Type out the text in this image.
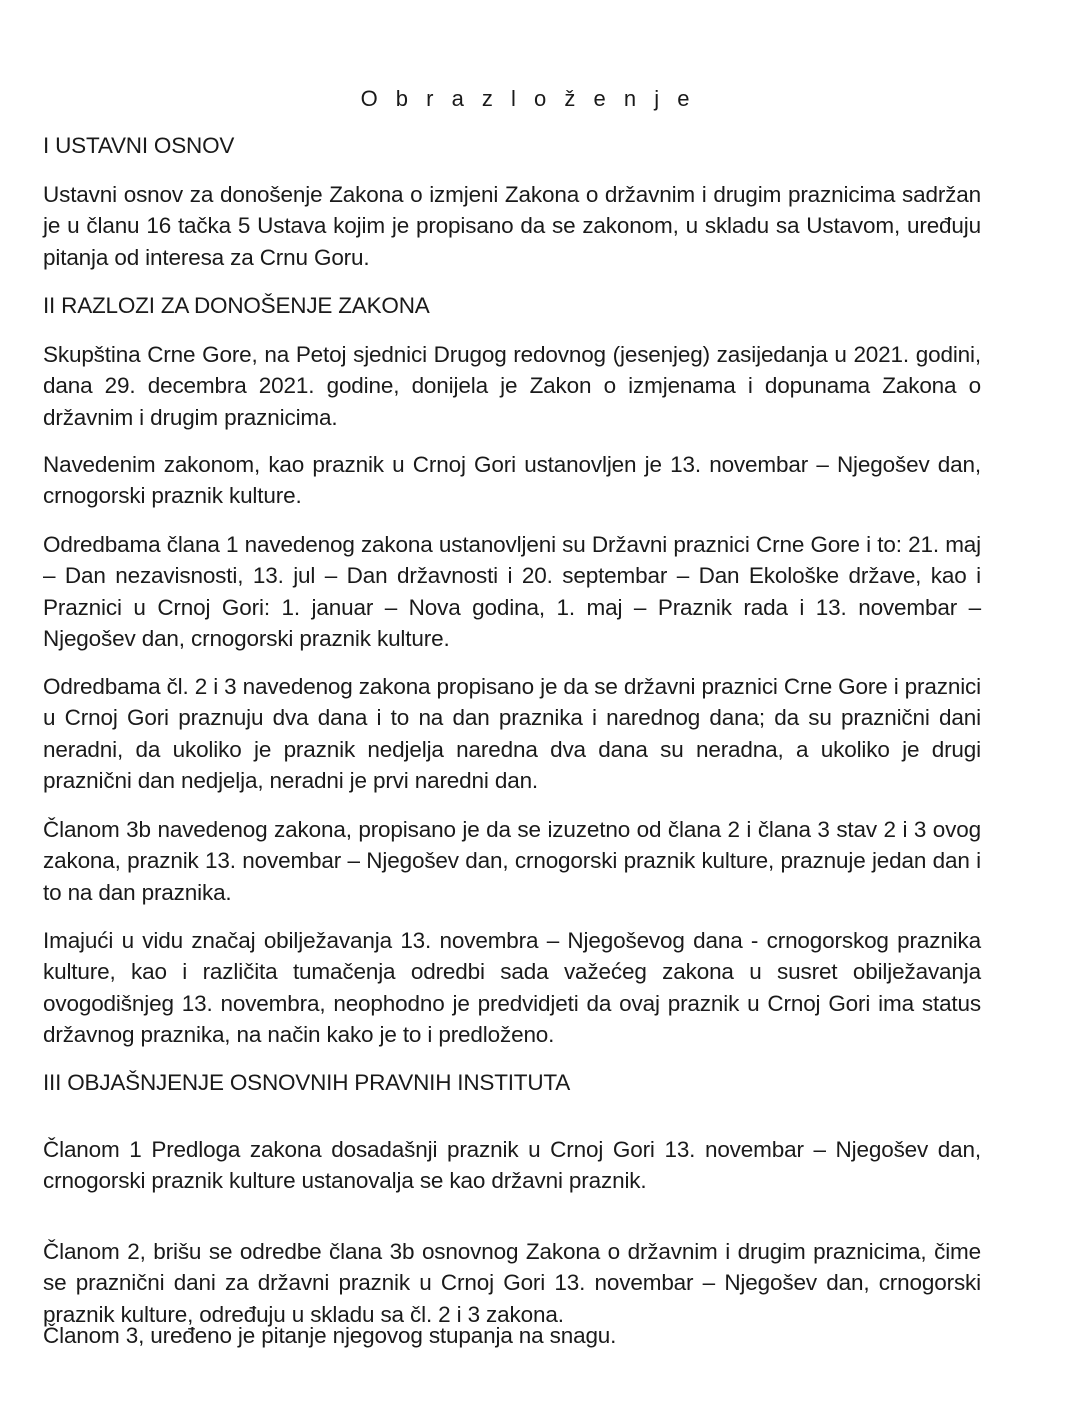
O b r a z l o ž e n j e
I USTAVNI OSNOV

Ustavni osnov za donošenje Zakona o izmjeni Zakona o državnim i drugim praznicima sadržan je u članu 16 tačka 5 Ustava kojim je propisano da se zakonom, u skladu sa Ustavom, uređuju pitanja od interesa za Crnu Goru.

II RAZLOZI ZA DONOŠENJE ZAKONA

Skupština Crne Gore, na Petoj sjednici Drugog redovnog (jesenjeg) zasijedanja u 2021. godini, dana 29. decembra 2021. godine, donijela je Zakon o izmjenama i dopunama Zakona o državnim i drugim praznicima.

Navedenim zakonom, kao praznik u Crnoj Gori ustanovljen je 13. novembar – Njegošev dan, crnogorski praznik kulture.

Odredbama člana 1 navedenog zakona ustanovljeni su Državni praznici Crne Gore i to: 21. maj – Dan nezavisnosti, 13. jul – Dan državnosti i 20. septembar – Dan Ekološke države, kao i Praznici u Crnoj Gori: 1. januar – Nova godina, 1. maj – Praznik rada i 13. novembar – Njegošev dan, crnogorski praznik kulture.

Odredbama čl. 2 i 3 navedenog zakona propisano je da se državni praznici Crne Gore i praznici u Crnoj Gori praznuju dva dana i to na dan praznika i narednog dana; da su praznični dani neradni, da ukoliko je praznik nedjelja naredna dva dana su neradna, a ukoliko je drugi praznični dan nedjelja, neradni je prvi naredni dan.

Članom 3b navedenog zakona, propisano je da se izuzetno od člana 2 i člana 3 stav 2 i 3 ovog zakona, praznik 13. novembar – Njegošev dan, crnogorski praznik kulture, praznuje jedan dan i to na dan praznika.

Imajući u vidu značaj obilježavanja 13. novembra – Njegoševog dana - crnogorskog praznika kulture, kao i različita tumačenja odredbi sada važećeg zakona u susret obilježavanja ovogodišnjeg 13. novembra, neophodno je predvidjeti da ovaj praznik u Crnoj Gori ima status državnog praznika, na način kako je to i predloženo.

III OBJAŠNJENJE OSNOVNIH PRAVNIH INSTITUTA

Članom 1 Predloga zakona dosadašnji praznik u Crnoj Gori 13. novembar – Njegošev dan, crnogorski praznik kulture ustanovalja se kao državni praznik.

Članom 2, brišu se odredbe člana 3b osnovnog Zakona o državnim i drugim praznicima, čime se praznični dani za državni praznik u Crnoj Gori 13. novembar – Njegošev dan, crnogorski praznik kulture, određuju u skladu sa čl. 2 i 3 zakona.

Članom 3, uređeno je pitanje njegovog stupanja na snagu.
